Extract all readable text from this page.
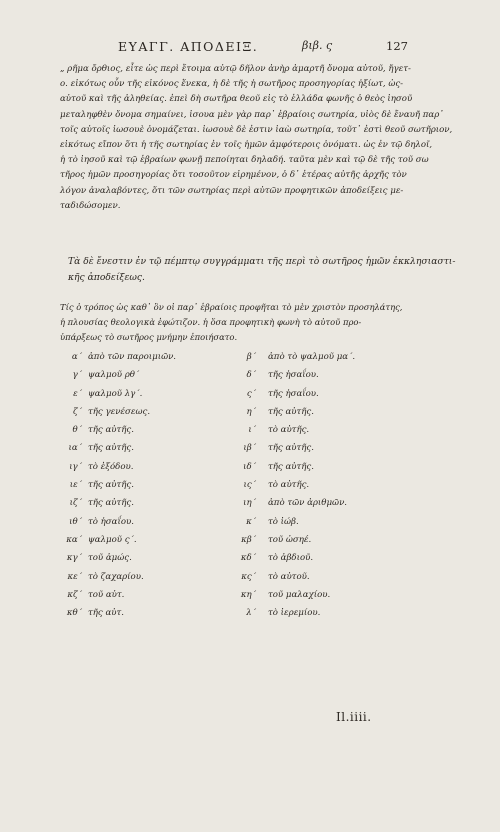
ΕΥΑΓΓ. ΑΠΟΔΕΙΞ.	βιβ. ς	127
„ ρῆμα ὄρθιος, εἶτε ὡς περὶ ἔτοιμα αὐτῷ δῆλον ἀνὴρ ἀμαρτῆ ὄνομα αὐτοῦ, ἤγετ-
ο. εἰκότως οὖν τῆς εἰκόνος ἕνεκα, ἡ δὲ τῆς ἡ σωτῆρος προσηγορίας ἠξίωτ, ὡς-
αὐτοῦ καὶ τῆς ἀληθείας. ἐπεὶ δὴ σωτῆρα θεοῦ εἰς τὸ ἑλλάδα φωνῆς ὁ θεὸς ἰησοῦ
μεταληφθὲν ὄνομα σημαίνει, ἰσουα μὲν γὰρ παρ᾽ ἑβραίοις σωτηρία, υἱὸς δὲ ἔναυῆ παρ᾽
τοῖς αὐτοῖς ἰωσουὲ ὀνομάζεται. ἰωσουὲ δὲ ἐστιν ἰαὼ σωτηρία, τοῦτ᾽ ἐστὶ θεοῦ σωτῆριον,
εἰκότως εἴπον ὅτι ἡ τῆς σωτηρίας ἐν τοῖς ἡμῶν ἀμφότεροις ὀνόματι. ὡς ἐν τῷ δηλοῖ,
ἡ τὸ ἰησοῦ καὶ τῷ ἑβραίων φωνῇ πεποίηται δηλαδή. ταῦτα μὲν καὶ τῷ δὲ τῆς τοῦ σω
τῆρος ἡμῶν προσηγορίας ὅτι τοσοῦτον εἰρημένον, ὁ δ᾽ ἑτέρας αὐτῆς ἀρχῆς τὸν
λόγον ἀναλαβόντες, ὅτι τῶν σωτηρίας περὶ αὐτῶν προφητικῶν ἀποδείξεις με-
ταδιδώσομεν.
Τὰ δὲ ἔνεστιν ἐν τῷ πέμπτῳ συγγράμματι τῆς περὶ τὸ σωτῆρος ἡμῶν ἐκκλησιαστι-
κῆς ἀποδείξεως.
Τίς ὁ τρόπος ὡς καθ᾽ ὃν οἱ παρ᾽ ἑβραίοις προφῆται τὸ μὲν χριστὸν προσηλάτης,
ἡ πλουσίας θεολογικὰ ἐφώτιζον. ἡ ὅσα προφητικὴ φωνὴ τὸ αὐτοῦ προ-
ὑπάρξεως τὸ σωτῆρος μνήμην ἐποιήσατο.
α΄ ἀπὸ τῶν παροιμιῶν.	β΄ ἀπὸ τὸ ψαλμοῦ μα΄.
γ΄ ψαλμοῦ ρθ΄	δ΄ τῆς ἡσαΐου.
ε΄ ψαλμοῦ λγ΄.	ς΄ τῆς ἡσαΐου.
ζ΄ τῆς γενέσεως.	η΄ τῆς αὐτῆς.
θ΄ τῆς αὐτῆς.	ι΄ τὸ αὐτῆς.
ια΄ τῆς αὐτῆς.	ιβ΄ τῆς αὐτῆς.
ιγ΄ τὸ ἐξόδου.	ιδ΄ τῆς αὐτῆς.
ιε΄ τῆς αὐτῆς.	ις΄ τὸ αὐτῆς.
ιζ΄ τῆς αὐτῆς.	ιη΄ ἀπὸ τῶν ἀριθμῶν.
ιθ΄ τὸ ἡσαΐου.	κ΄ τὸ ἰώβ.
κα΄ ψαλμοῦ ς΄.	κβ΄ τοῦ ὠσηέ.
κγ΄ τοῦ ἀμώς.	κδ΄ τὸ ἀβδιοῦ.
κε΄ τὸ ζαχαρίου.	κς΄ τὸ αὐτοῦ.
κζ΄ τοῦ αὐτ.	κη΄ τοῦ μαλαχίου.
κθ΄ τῆς αὐτ.	λ΄ τὸ ἰερεμίου.
Il.iiii.
